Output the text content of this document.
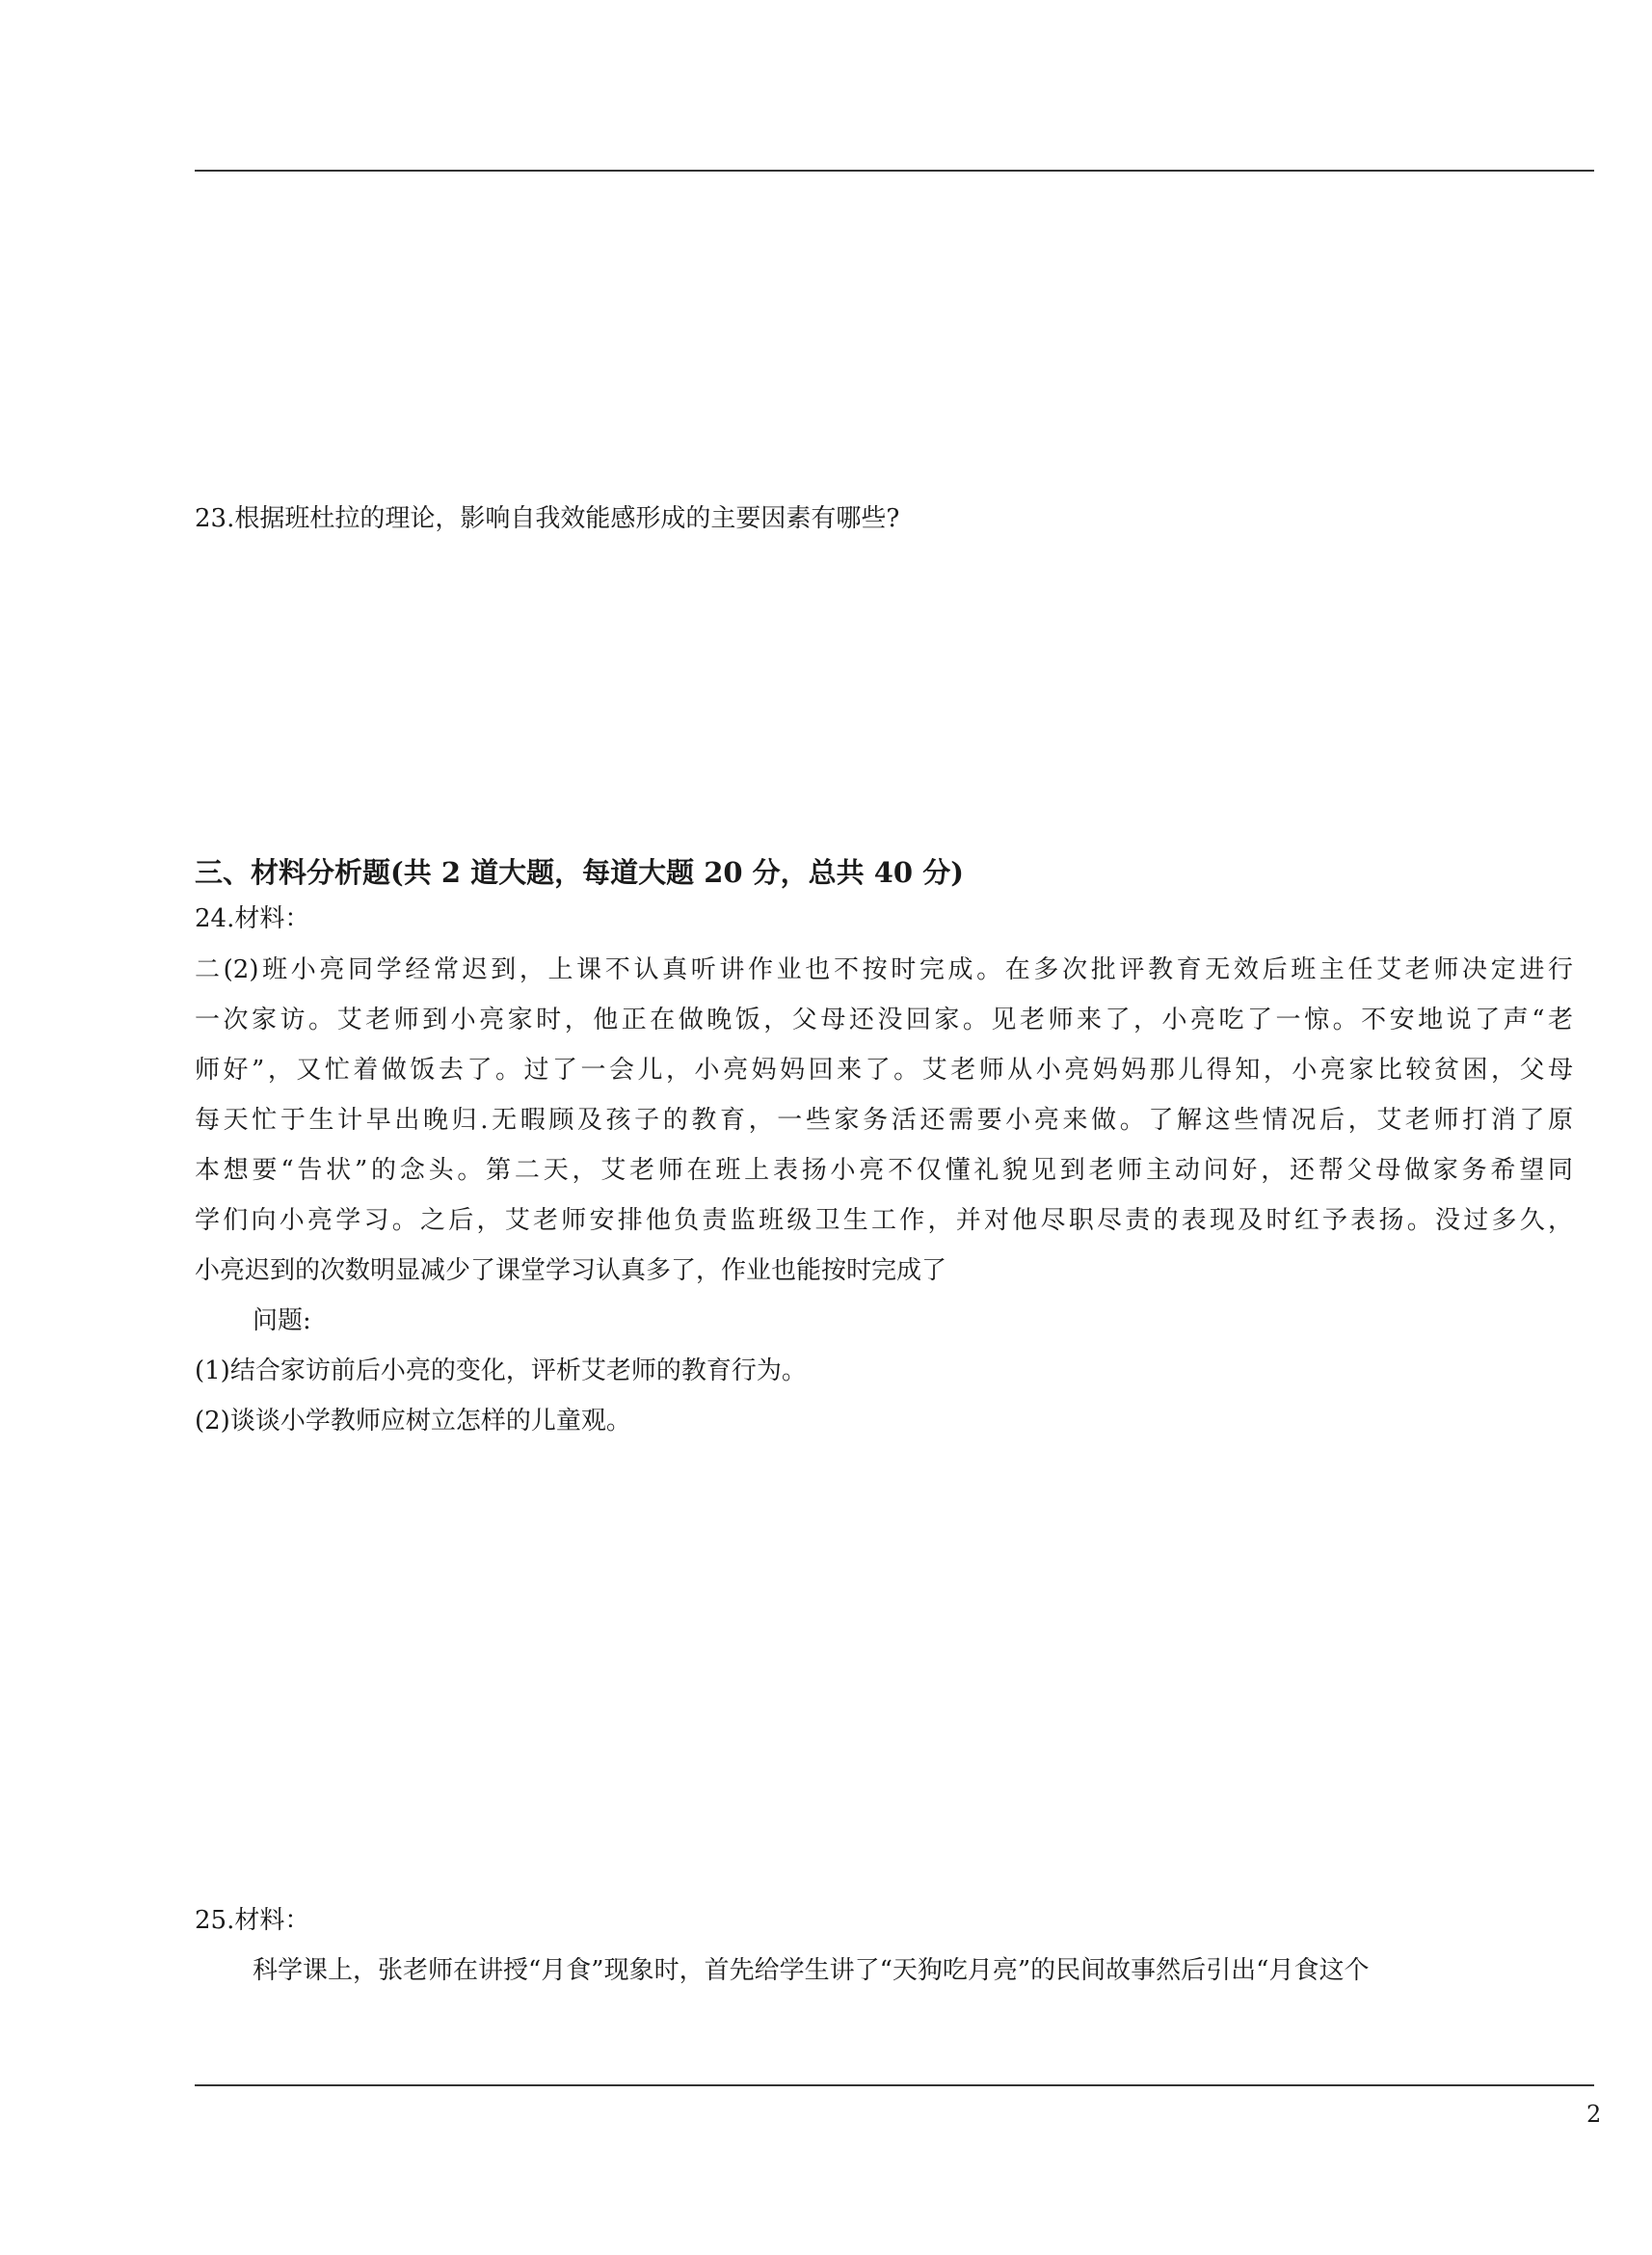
23.根据班杜拉的理论，影响自我效能感形成的主要因素有哪些?
三、材料分析题(共 2 道大题，每道大题 20 分，总共 40 分)
24.材料：
二(2)班小亮同学经常迟到，上课不认真听讲作业也不按时完成。在多次批评教育无效后班主任艾老师决定进行
一次家访。艾老师到小亮家时，他正在做晚饭，父母还没回家。见老师来了，小亮吃了一惊。不安地说了声“老
师好”，又忙着做饭去了。过了一会儿，小亮妈妈回来了。艾老师从小亮妈妈那儿得知，小亮家比较贫困，父母
每天忙于生计早出晚归.无暇顾及孩子的教育，一些家务活还需要小亮来做。了解这些情况后，艾老师打消了原
本想要“告状”的念头。第二天，艾老师在班上表扬小亮不仅懂礼貌见到老师主动问好，还帮父母做家务希望同
学们向小亮学习。之后，艾老师安排他负责监班级卫生工作，并对他尽职尽责的表现及时红予表扬。没过多久，
小亮迟到的次数明显减少了课堂学习认真多了，作业也能按时完成了
问题:
(1)结合家访前后小亮的变化，评析艾老师的教育行为。
(2)谈谈小学教师应树立怎样的儿童观。
25.材料：
科学课上，张老师在讲授“月食”现象时，首先给学生讲了“天狗吃月亮”的民间故事然后引出“月食这个
2
